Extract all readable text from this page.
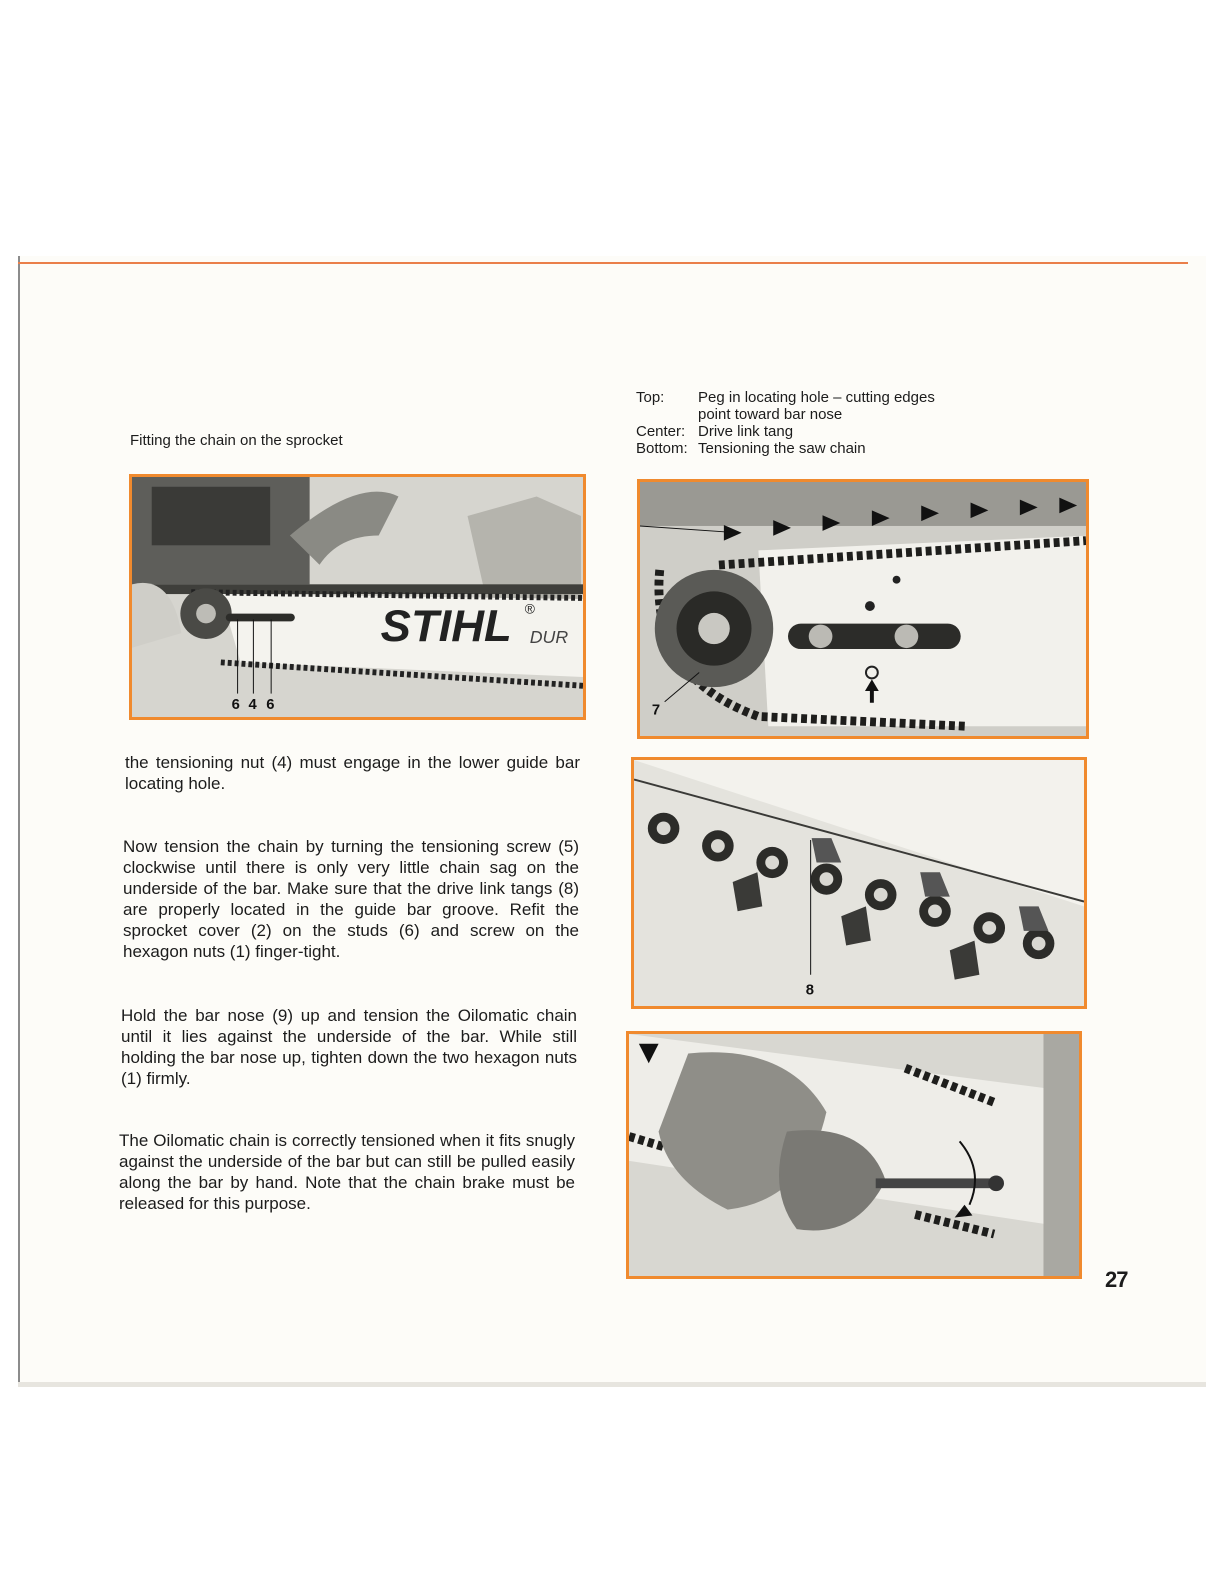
Fitting the chain on the sprocket
STIHL ®
DUR
6 4 6
Top:	Peg in locating hole – cutting edges point toward bar nose
Center: Drive link tang
Bottom: Tensioning the saw chain
7
8
the tensioning nut (4) must engage in the lower guide bar locating hole.
Now tension the chain by turning the tensioning screw (5) clockwise until there is only very little chain sag on the underside of the bar. Make sure that the drive link tangs (8) are properly located in the guide bar groove. Refit the sprocket cover (2) on the studs (6) and screw on the hexagon nuts (1) finger-tight.
Hold the bar nose (9) up and tension the Oilomatic chain until it lies against the underside of the bar. While still holding the bar nose up, tighten down the two hexagon nuts (1) firmly.
The Oilomatic chain is correctly tensioned when it fits snugly against the underside of the bar but can still be pulled easily along the bar by hand. Note that the chain brake must be released for this purpose.
27
